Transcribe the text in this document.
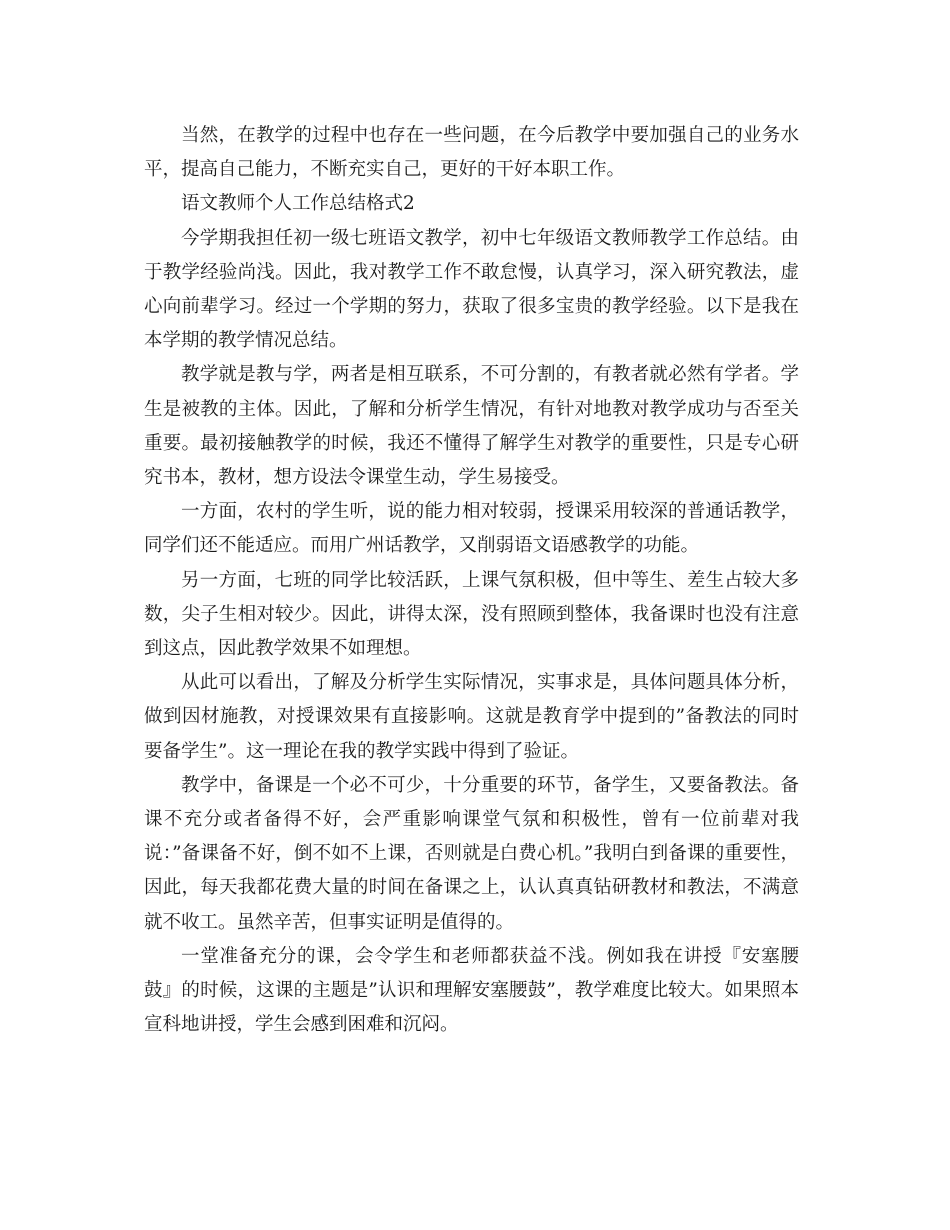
当然，在教学的过程中也存在一些问题，在今后教学中要加强自己的业务水平，提高自己能力，不断充实自己，更好的干好本职工作。

语文教师个人工作总结格式2

今学期我担任初一级七班语文教学，初中七年级语文教师教学工作总结。由于教学经验尚浅。因此，我对教学工作不敢怠慢，认真学习，深入研究教法，虚心向前辈学习。经过一个学期的努力，获取了很多宝贵的教学经验。以下是我在本学期的教学情况总结。

教学就是教与学，两者是相互联系，不可分割的，有教者就必然有学者。学生是被教的主体。因此，了解和分析学生情况，有针对地教对教学成功与否至关重要。最初接触教学的时候，我还不懂得了解学生对教学的重要性，只是专心研究书本，教材，想方设法令课堂生动，学生易接受。

一方面，农村的学生听，说的能力相对较弱，授课采用较深的普通话教学，同学们还不能适应。而用广州话教学，又削弱语文语感教学的功能。

另一方面，七班的同学比较活跃，上课气氛积极，但中等生、差生占较大多数，尖子生相对较少。因此，讲得太深，没有照顾到整体，我备课时也没有注意到这点，因此教学效果不如理想。

从此可以看出，了解及分析学生实际情况，实事求是，具体问题具体分析，做到因材施教，对授课效果有直接影响。这就是教育学中提到的”备教法的同时要备学生”。这一理论在我的教学实践中得到了验证。

教学中，备课是一个必不可少，十分重要的环节，备学生，又要备教法。备课不充分或者备得不好，会严重影响课堂气氛和积极性，曾有一位前辈对我说：”备课备不好，倒不如不上课，否则就是白费心机。”我明白到备课的重要性，因此，每天我都花费大量的时间在备课之上，认认真真钻研教材和教法，不满意就不收工。虽然辛苦，但事实证明是值得的。

一堂准备充分的课，会令学生和老师都获益不浅。例如我在讲授『安塞腰鼓』的时候，这课的主题是”认识和理解安塞腰鼓”，教学难度比较大。如果照本宣科地讲授，学生会感到困难和沉闷。
